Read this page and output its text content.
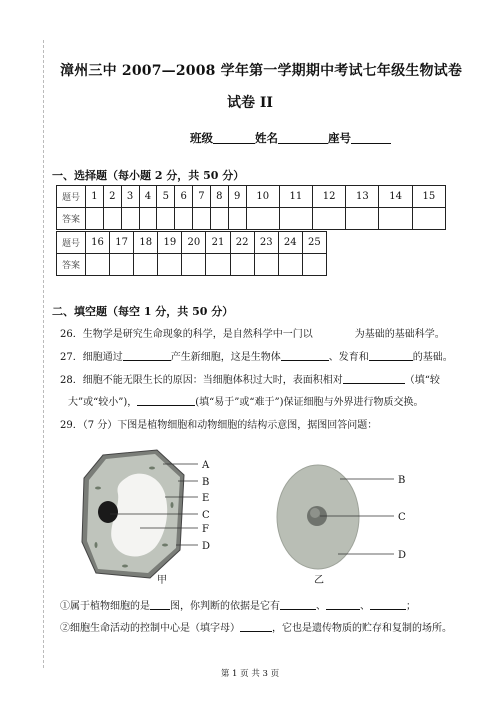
漳州三中 2007—2008 学年第一学期期中考试七年级生物试卷
试卷 II
班级	姓名	座号
一、选择题（每小题 2 分，共 50 分）
题号	1	2	3	4	5	6	7	8	9	10	11	12	13	14	15
答案															
题号	16	17	18	19	20	21	22	23	24	25
答案										
二、填空题（每空 1 分，共 50 分）
26．生物学是研究生命现象的科学，是自然科学中一门以	为基础的基础科学。
27．细胞通过	产生新细胞，这是生物体	、发育和	的基础。
28．细胞不能无限生长的原因：当细胞体积过大时，表面积相对	（填“较
大”或“较小”)，	(填“易于”或“难于”)保证细胞与外界进行物质交换。
29．（7 分）下图是植物细胞和动物细胞的结构示意图，据图回答问题：
A
B
E
C
F
D
甲
B
C
D
乙
①属于植物细胞的是 图，你判断的依据是它有	、	、	；
②细胞生命活动的控制中心是（填字母）	，它也是遗传物质的贮存和复制的场所。
第 1 页 共 3 页
